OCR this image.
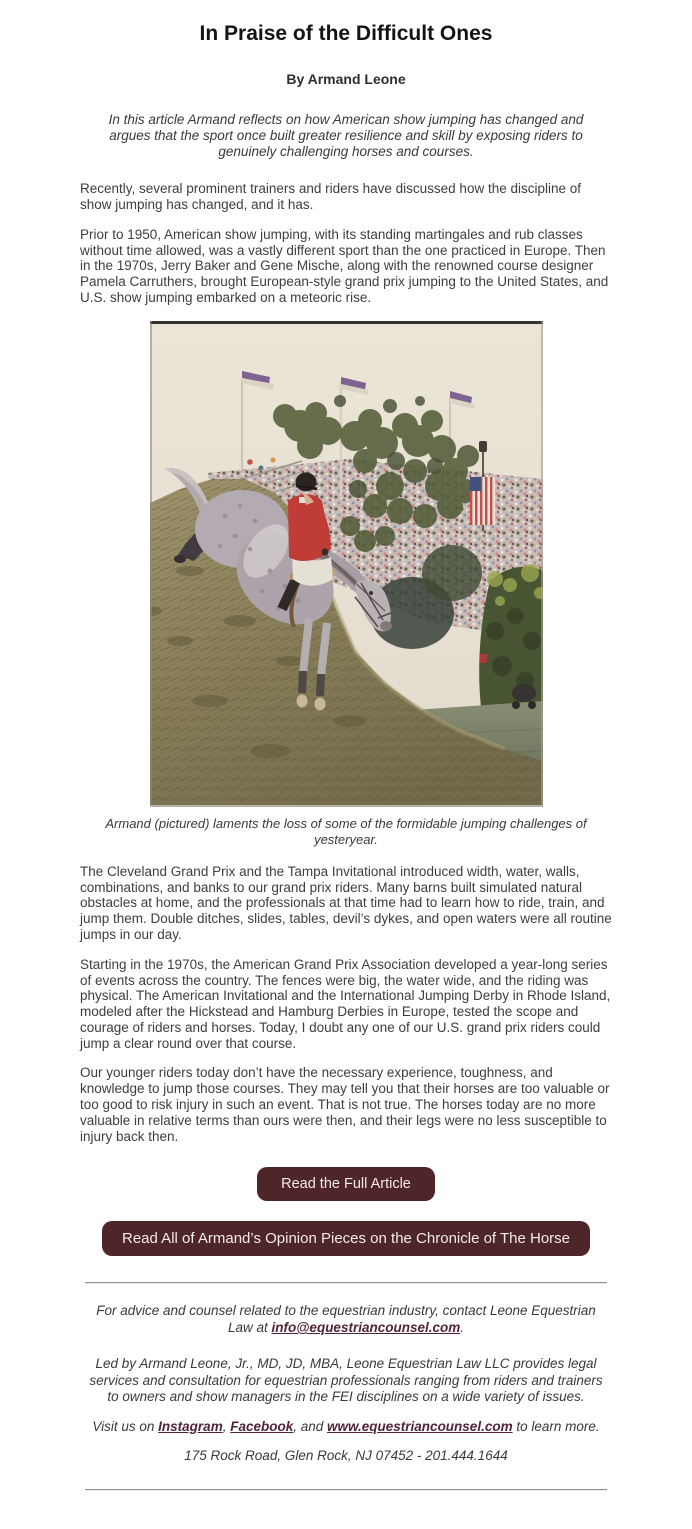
In Praise of the Difficult Ones
By Armand Leone
In this article Armand reflects on how American show jumping has changed and argues that the sport once built greater resilience and skill by exposing riders to genuinely challenging horses and courses.

Recently, several prominent trainers and riders have discussed how the discipline of show jumping has changed, and it has.

Prior to 1950, American show jumping, with its standing martingales and rub classes without time allowed, was a vastly different sport than the one practiced in Europe. Then in the 1970s, Jerry Baker and Gene Mische, along with the renowned course designer Pamela Carruthers, brought European-style grand prix jumping to the United States, and U.S. show jumping embarked on a meteoric rise.

Armand (pictured) laments the loss of some of the formidable jumping challenges of yesteryear.

The Cleveland Grand Prix and the Tampa Invitational introduced width, water, walls, combinations, and banks to our grand prix riders. Many barns built simulated natural obstacles at home, and the professionals at that time had to learn how to ride, train, and jump them. Double ditches, slides, tables, devil’s dykes, and open waters were all routine jumps in our day.

Starting in the 1970s, the American Grand Prix Association developed a year-long series of events across the country. The fences were big, the water wide, and the riding was physical. The American Invitational and the International Jumping Derby in Rhode Island, modeled after the Hickstead and Hamburg Derbies in Europe, tested the scope and courage of riders and horses. Today, I doubt any one of our U.S. grand prix riders could jump a clear round over that course.

Our younger riders today don’t have the necessary experience, toughness, and knowledge to jump those courses. They may tell you that their horses are too valuable or too good to risk injury in such an event. That is not true. The horses today are no more valuable in relative terms than ours were then, and their legs were no less susceptible to injury back then.

Read the Full Article
Read All of Armand’s Opinion Pieces on the Chronicle of The Horse
For advice and counsel related to the equestrian industry, contact Leone Equestrian Law at info@equestriancounsel.com.
Led by Armand Leone, Jr., MD, JD, MBA, Leone Equestrian Law LLC provides legal services and consultation for equestrian professionals ranging from riders and trainers to owners and show managers in the FEI disciplines on a wide variety of issues.
Visit us on Instagram, Facebook, and www.equestriancounsel.com to learn more.
175 Rock Road, Glen Rock, NJ 07452 - 201.444.1644
